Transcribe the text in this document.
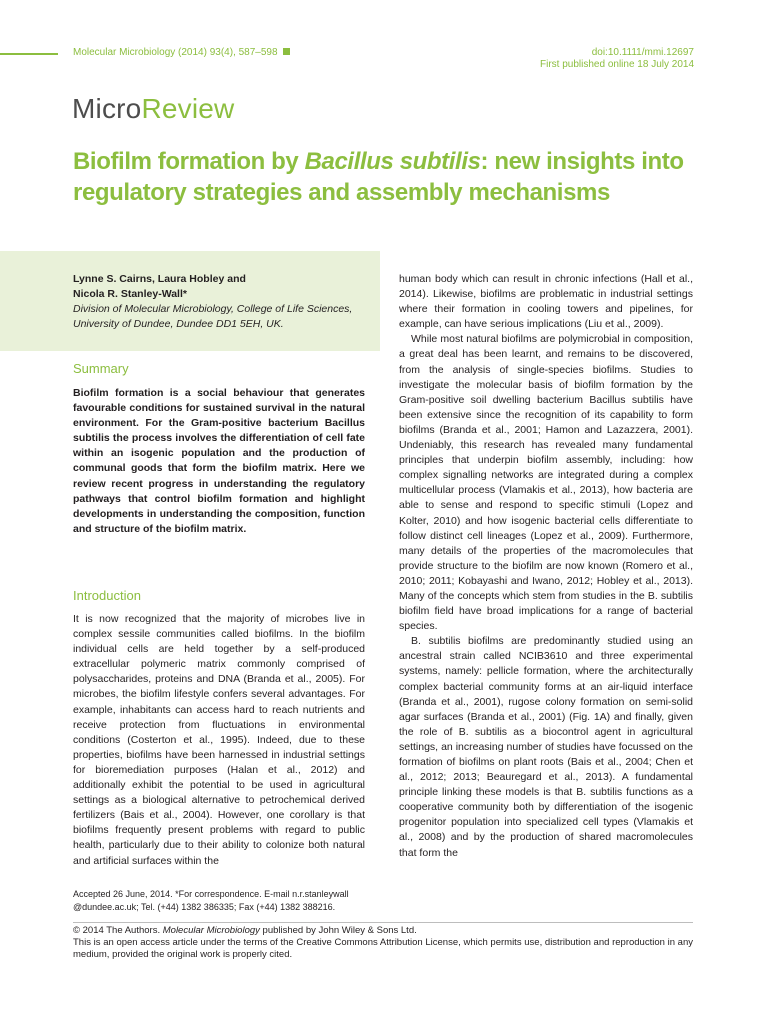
Molecular Microbiology (2014) 93(4), 587–598	doi:10.1111/mmi.12697
First published online 18 July 2014
MicroReview
Biofilm formation by Bacillus subtilis: new insights into regulatory strategies and assembly mechanisms
Lynne S. Cairns, Laura Hobley and
Nicola R. Stanley-Wall*
Division of Molecular Microbiology, College of Life Sciences, University of Dundee, Dundee DD1 5EH, UK.
Summary

Biofilm formation is a social behaviour that generates favourable conditions for sustained survival in the natural environment. For the Gram-positive bacterium Bacillus subtilis the process involves the differentiation of cell fate within an isogenic population and the production of communal goods that form the biofilm matrix. Here we review recent progress in understanding the regulatory pathways that control biofilm formation and highlight developments in understanding the composition, function and structure of the biofilm matrix.

Introduction

It is now recognized that the majority of microbes live in complex sessile communities called biofilms. In the biofilm individual cells are held together by a self-produced extracellular polymeric matrix commonly comprised of polysaccharides, proteins and DNA (Branda et al., 2005). For microbes, the biofilm lifestyle confers several advantages. For example, inhabitants can access hard to reach nutrients and receive protection from fluctuations in environmental conditions (Costerton et al., 1995). Indeed, due to these properties, biofilms have been harnessed in industrial settings for bioremediation purposes (Halan et al., 2012) and additionally exhibit the potential to be used in agricultural settings as a biological alternative to petrochemical derived fertilizers (Bais et al., 2004). However, one corollary is that biofilms frequently present problems with regard to public health, particularly due to their ability to colonize both natural and artificial surfaces within the

human body which can result in chronic infections (Hall et al., 2014). Likewise, biofilms are problematic in industrial settings where their formation in cooling towers and pipelines, for example, can have serious implications (Liu et al., 2009).

While most natural biofilms are polymicrobial in composition, a great deal has been learnt, and remains to be discovered, from the analysis of single-species biofilms. Studies to investigate the molecular basis of biofilm formation by the Gram-positive soil dwelling bacterium Bacillus subtilis have been extensive since the recognition of its capability to form biofilms (Branda et al., 2001; Hamon and Lazazzera, 2001). Undeniably, this research has revealed many fundamental principles that underpin biofilm assembly, including: how complex signalling networks are integrated during a complex multicellular process (Vlamakis et al., 2013), how bacteria are able to sense and respond to specific stimuli (Lopez and Kolter, 2010) and how isogenic bacterial cells differentiate to follow distinct cell lineages (Lopez et al., 2009). Furthermore, many details of the properties of the macromolecules that provide structure to the biofilm are now known (Romero et al., 2010; 2011; Kobayashi and Iwano, 2012; Hobley et al., 2013). Many of the concepts which stem from studies in the B. subtilis biofilm field have broad implications for a range of bacterial species.

B. subtilis biofilms are predominantly studied using an ancestral strain called NCIB3610 and three experimental systems, namely: pellicle formation, where the architecturally complex bacterial community forms at an air-liquid interface (Branda et al., 2001), rugose colony formation on semi-solid agar surfaces (Branda et al., 2001) (Fig. 1A) and finally, given the role of B. subtilis as a biocontrol agent in agricultural settings, an increasing number of studies have focussed on the formation of biofilms on plant roots (Bais et al., 2004; Chen et al., 2012; 2013; Beauregard et al., 2013). A fundamental principle linking these models is that B. subtilis functions as a cooperative community both by differentiation of the isogenic progenitor population into specialized cell types (Vlamakis et al., 2008) and by the production of shared macromolecules that form the

Accepted 26 June, 2014. *For correspondence. E-mail n.r.stanleywall
@dundee.ac.uk; Tel. (+44) 1382 386335; Fax (+44) 1382 388216.
© 2014 The Authors. Molecular Microbiology published by John Wiley & Sons Ltd.
This is an open access article under the terms of the Creative Commons Attribution License, which permits use, distribution and reproduction in any medium, provided the original work is properly cited.
